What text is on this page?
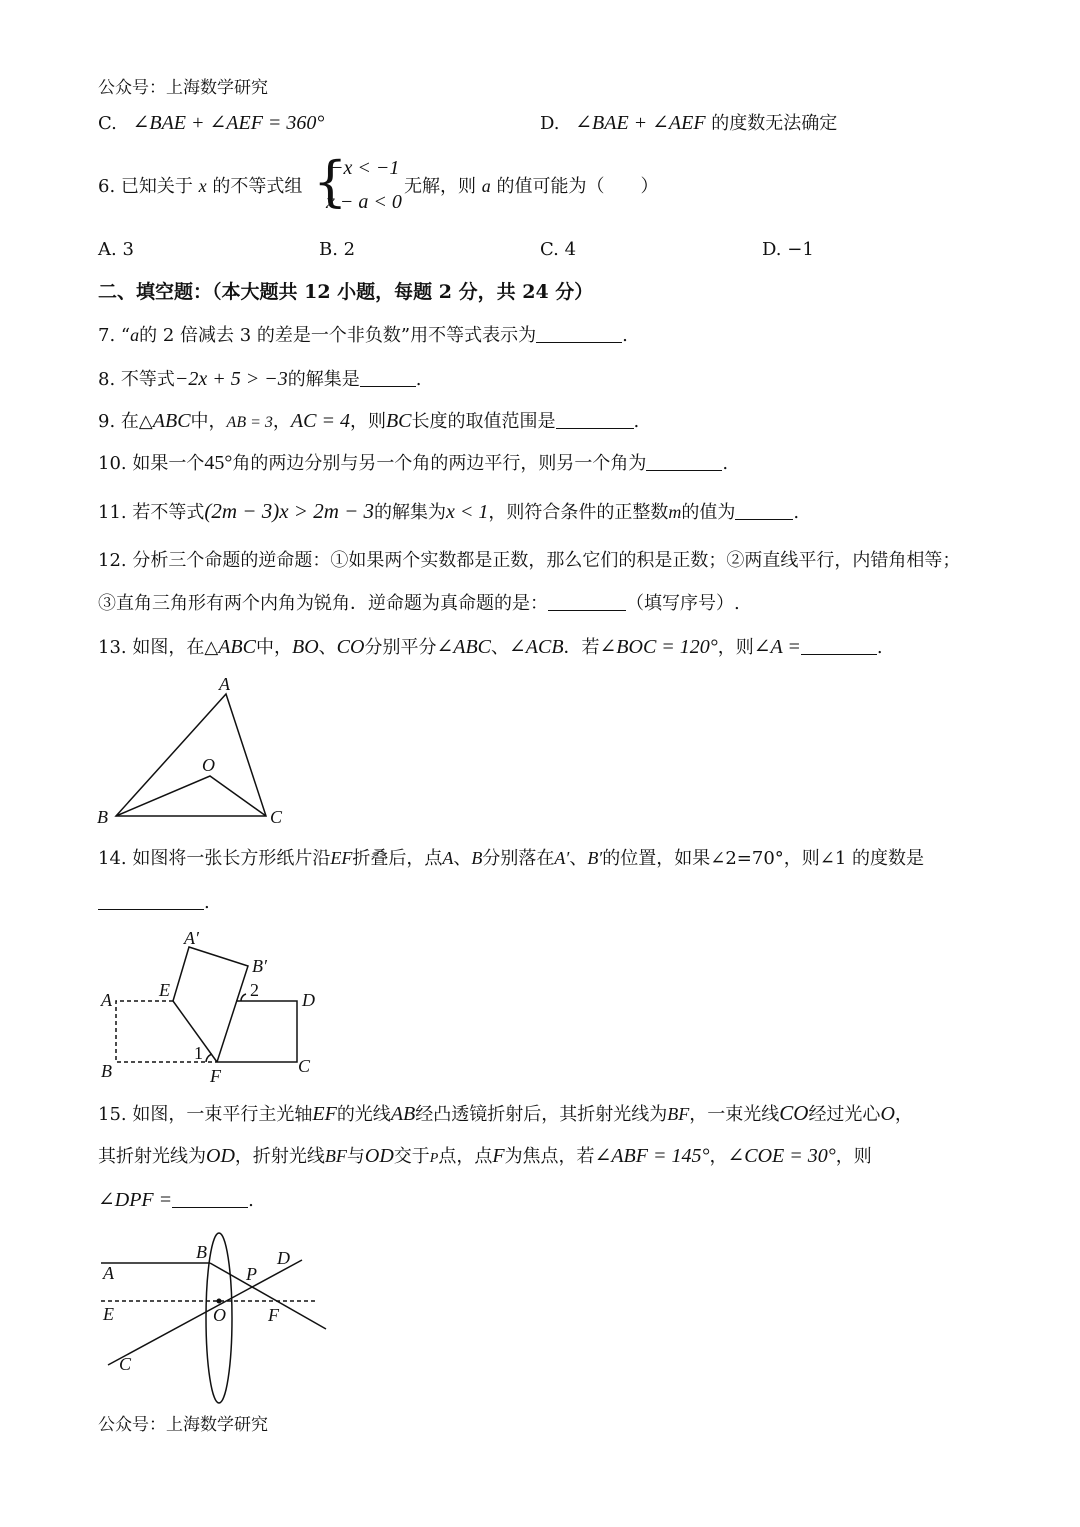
公众号：上海数学研究
C. ∠BAE + ∠AEF = 360°	D. ∠BAE + ∠AEF 的度数无法确定
6. 已知关于 x 的不等式组 {
−x < −1
x − a < 0
无解，则 a 的值可能为（　　）
A. 3	B. 2	C. 4	D. −1
二、填空题：（本大题共 12 小题，每题 2 分，共 24 分）
7. “a的 2 倍减去 3 的差是一个非负数”用不等式表示为	.
8. 不等式−2x + 5 > −3的解集是	.
9. 在△ABC中，AB = 3，AC = 4，则BC长度的取值范围是	.
10. 如果一个45°角的两边分别与另一个角的两边平行，则另一个角为	.
11. 若不等式(2m − 3)x > 2m − 3的解集为x < 1，则符合条件的正整数m的值为	.
12. 分析三个命题的逆命题：①如果两个实数都是正数，那么它们的积是正数；②两直线平行，内错角相等；
③直角三角形有两个内角为锐角．逆命题为真命题的是：	（填写序号）.
13. 如图，在△ABC中，BO、CO分别平分∠ABC、∠ACB．若∠BOC = 120°，则∠A =	.
A
O
B	C
14. 如图将一张长方形纸片沿EF折叠后，点A、B分别落在A′、B′的位置，如果∠2=70°，则∠1 的度数是
.
A′
B′
A	E	2 D
1
B	F	C
15. 如图，一束平行主光轴EF的光线AB经凸透镜折射后，其折射光线为BF，一束光线CO经过光心O，
其折射光线为OD，折射光线BF与OD交于P点，点F为焦点，若∠ABF = 145°，∠COE = 30°，则
∠DPF =	.
B	D
A	P
E	O F
C
公众号：上海数学研究
